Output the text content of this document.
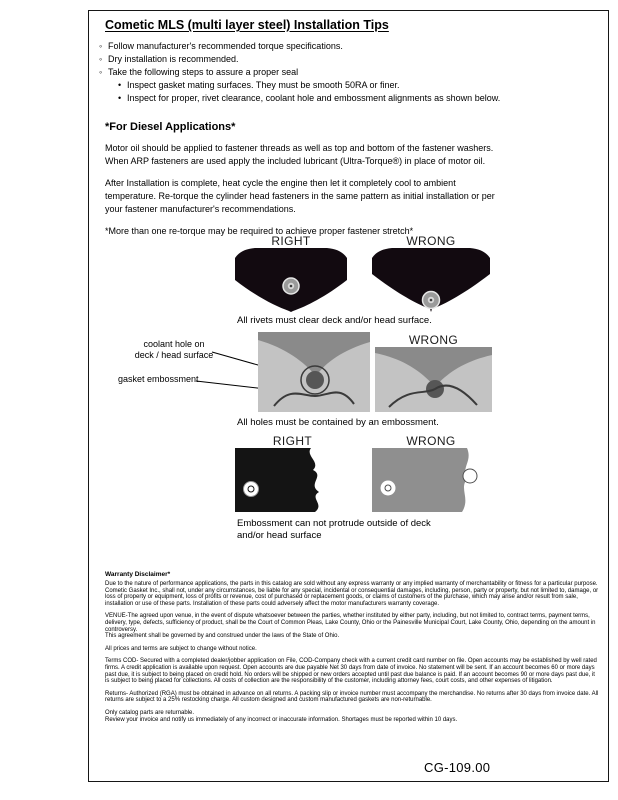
Cometic MLS (multi layer steel) Installation Tips
◦ Follow manufacturer's recommended torque specifications.
◦ Dry installation is recommended.
◦ Take the following steps to assure a proper seal
• Inspect gasket mating surfaces. They must be smooth 50RA or finer.
• Inspect for proper, rivet clearance, coolant hole and embossment alignments as shown below.
*For Diesel Applications*

Motor oil should be applied to fastener threads as well as top and bottom of the fastener washers. When ARP fasteners are used apply the included lubricant (Ultra-Torque®) in place of motor oil.

After Installation is complete, heat cycle the engine then let it completely cool to ambient temperature. Re-torque the cylinder head fasteners in the same pattern as initial installation or per your fastener manufacturer's recommendations.

*More than one re-torque may be required to achieve proper fastener stretch*

RIGHT	WRONG
All rivets must clear deck and/or head surface.
coolant hole on
deck / head surface
gasket embossment
WRONG
All holes must be contained by an embossment.
RIGHT	WRONG
Embossment can not protrude outside of deck
and/or head surface
Warranty Disclaimer*

Due to the nature of performance applications, the parts in this catalog are sold without any express warranty or any implied warranty of merchantability or fitness for a particular purpose. Cometic Gasket Inc., shall not, under any circumstances, be liable for any special, incidental or consequential damages, including, person, party or property, but not limited to, damage, or loss of property or equipment, loss of profits or revenue, cost of purchased or replacement goods, or claims of customers of the purchase, which may arise and/or result from sale, installation or use of these parts. Installation of these parts could adversely affect the motor manufacturers warranty coverage.

VENUE-The agreed upon venue, in the event of dispute whatsoever between the parties, whether instituted by either party, including, but not limited to, contract terms, payment terms, delivery, type, defects, sufficiency of product, shall be the Court of Common Pleas, Lake County, Ohio or the Painesville Municipal Court, Lake County, Ohio, depending on the amount in controversy.

This agreement shall be governed by and construed under the laws of the State of Ohio.

All prices and terms are subject to change without notice.

Terms COD- Secured with a completed dealer/jobber application on File, COD-Company check with a current credit card number on file. Open accounts may be established by well rated firms. A credit application is available upon request. Open accounts are due payable Net 30 days from date of invoice. No statement will be sent. If an account becomes 60 or more days past due, it is subject to being placed on credit hold. No orders will be shipped or new orders accepted until past due balance is paid. If an account becomes 90 or more days past due, it is subject to being placed for collections. All costs of collection are the responsibility of the customer, including attorney fees, court costs, and other expenses of litigation.

Returns- Authorized (RGA) must be obtained in advance on all returns. A packing slip or invoice number must accompany the merchandise. No returns after 30 days from invoice date. All returns are subject to a 25% restocking charge. All custom designed and custom manufactured gaskets are non-returnable.

Only catalog parts are returnable.

Review your invoice and notify us immediately of any incorrect or inaccurate information. Shortages must be reported within 10 days.

CG-109.00
